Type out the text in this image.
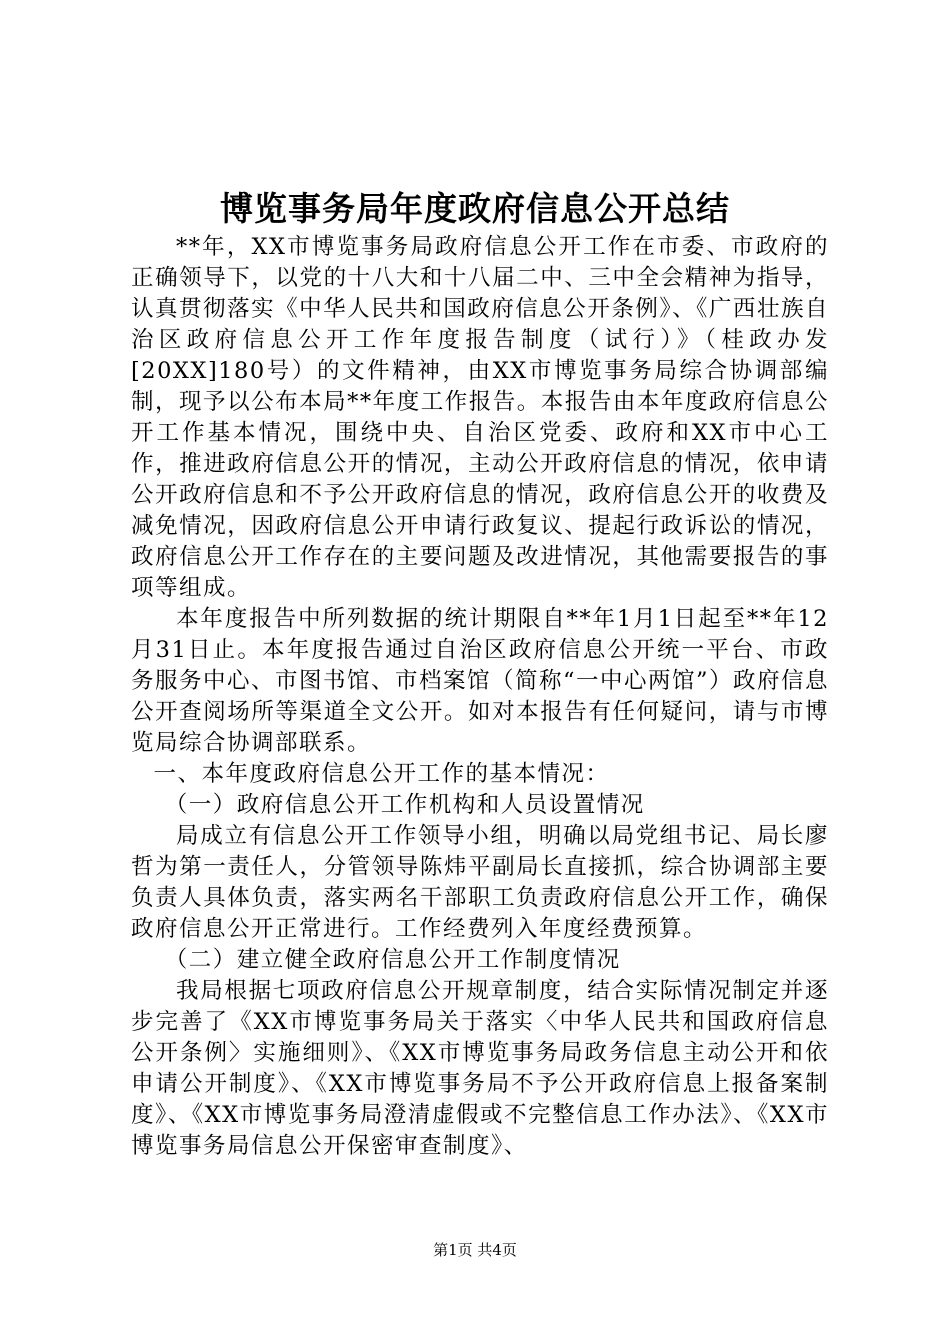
博览事务局年度政府信息公开总结

**年，XX市博览事务局政府信息公开工作在市委、市政府的正确领导下，以党的十八大和十八届二中、三中全会精神为指导，认真贯彻落实《中华人民共和国政府信息公开条例》、《广西壮族自治区政府信息公开工作年度报告制度（试行）》（桂政办发[20XX]180号）的文件精神，由XX市博览事务局综合协调部编制，现予以公布本局**年度工作报告。本报告由本年度政府信息公开工作基本情况，围绕中央、自治区党委、政府和XX市中心工作，推进政府信息公开的情况，主动公开政府信息的情况，依申请公开政府信息和不予公开政府信息的情况，政府信息公开的收费及减免情况，因政府信息公开申请行政复议、提起行政诉讼的情况，政府信息公开工作存在的主要问题及改进情况，其他需要报告的事项等组成。

本年度报告中所列数据的统计期限自**年1月1日起至**年12月31日止。本年度报告通过自治区政府信息公开统一平台、市政务服务中心、市图书馆、市档案馆（简称“一中心两馆”）政府信息公开查阅场所等渠道全文公开。如对本报告有任何疑问，请与市博览局综合协调部联系。

一、本年度政府信息公开工作的基本情况：

（一）政府信息公开工作机构和人员设置情况

局成立有信息公开工作领导小组，明确以局党组书记、局长廖哲为第一责任人，分管领导陈炜平副局长直接抓，综合协调部主要负责人具体负责，落实两名干部职工负责政府信息公开工作，确保政府信息公开正常进行。工作经费列入年度经费预算。

（二）建立健全政府信息公开工作制度情况

我局根据七项政府信息公开规章制度，结合实际情况制定并逐步完善了《XX市博览事务局关于落实〈中华人民共和国政府信息公开条例〉实施细则》、《XX市博览事务局政务信息主动公开和依申请公开制度》、《XX市博览事务局不予公开政府信息上报备案制度》、《XX市博览事务局澄清虚假或不完整信息工作办法》、《XX市博览事务局信息公开保密审查制度》、

第1页 共4页
